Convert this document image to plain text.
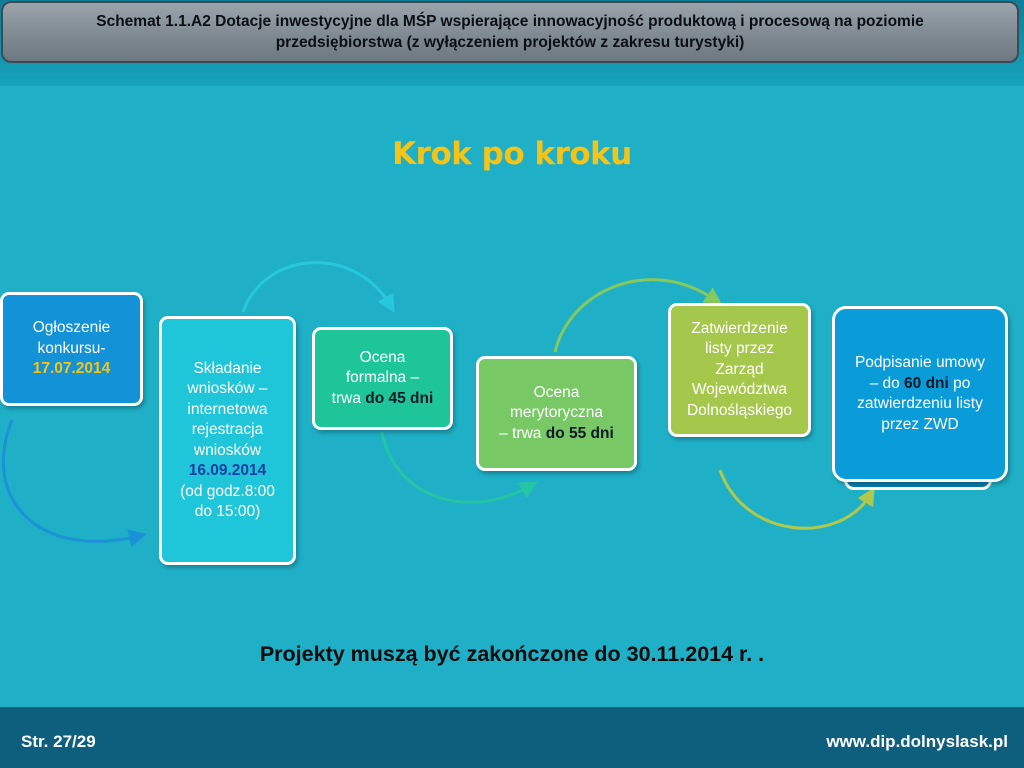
Schemat 1.1.A2 Dotacje inwestycyjne dla MŚP wspierające innowacyjność produktową i procesową na poziomie
przedsiębiorstwa (z wyłączeniem projektów z zakresu turystyki)
Krok po kroku
Ogłoszenie
konkursu-
17.07.2014	Składanie
wniosków –
internetowa
rejestracja
wniosków
16.09.2014
(od godz.8:00
do 15:00)
Ocena
formalna –
trwa do 45 dni	Ocena
merytoryczna
– trwa do 55 dni
Zatwierdzenie
listy przez
Zarząd
Województwa
Dolnośląskiego
Podpisanie umowy
– do 60 dni po
zatwierdzeniu listy
przez ZWD
Projekty muszą być zakończone do 30.11.2014 r. .
Str. 27/29	www.dip.dolnyslask.pl
